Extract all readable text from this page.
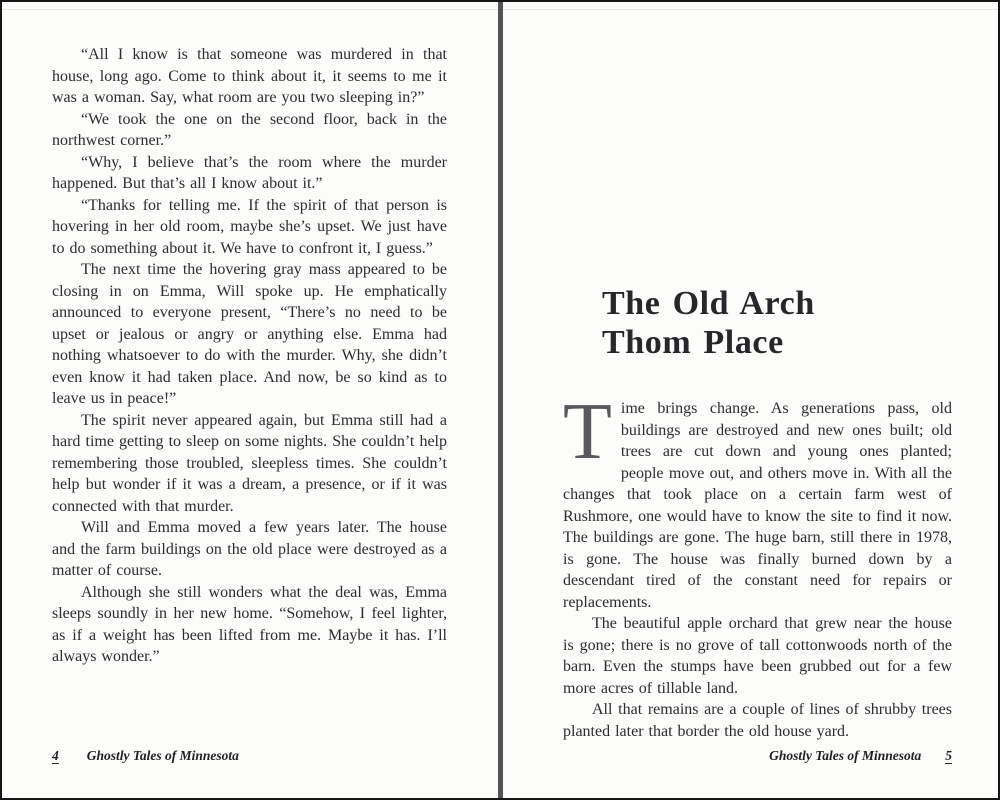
“All I know is that someone was murdered in that house, long ago. Come to think about it, it seems to me it was a woman. Say, what room are you two sleeping in?”

“We took the one on the second floor, back in the northwest corner.”

“Why, I believe that’s the room where the murder happened. But that’s all I know about it.”

“Thanks for telling me. If the spirit of that person is hovering in her old room, maybe she’s upset. We just have to do something about it. We have to confront it, I guess.”

The next time the hovering gray mass appeared to be closing in on Emma, Will spoke up. He emphatically announced to everyone present, “There’s no need to be upset or jealous or angry or anything else. Emma had nothing whatsoever to do with the murder. Why, she didn’t even know it had taken place. And now, be so kind as to leave us in peace!”

The spirit never appeared again, but Emma still had a hard time getting to sleep on some nights. She couldn’t help remembering those troubled, sleepless times. She couldn’t help but wonder if it was a dream, a presence, or if it was connected with that murder.

Will and Emma moved a few years later. The house and the farm buildings on the old place were destroyed as a matter of course.

Although she still wonders what the deal was, Emma sleeps soundly in her new home. “Somehow, I feel lighter, as if a weight has been lifted from me. Maybe it has. I’ll always wonder.”

4 Ghostly Tales of Minnesota
The Old Arch
Thom Place

Time brings change. As generations pass, old buildings are destroyed and new ones built; old trees are cut down and young ones planted; people move out, and others move in. With all the changes that took place on a certain farm west of Rushmore, one would have to know the site to find it now. The buildings are gone. The huge barn, still there in 1978, is gone. The house was finally burned down by a descendant tired of the constant need for repairs or replacements.

The beautiful apple orchard that grew near the house is gone; there is no grove of tall cottonwoods north of the barn. Even the stumps have been grubbed out for a few more acres of tillable land.

All that remains are a couple of lines of shrubby trees planted later that border the old house yard.

Ghostly Tales of Minnesota 5
